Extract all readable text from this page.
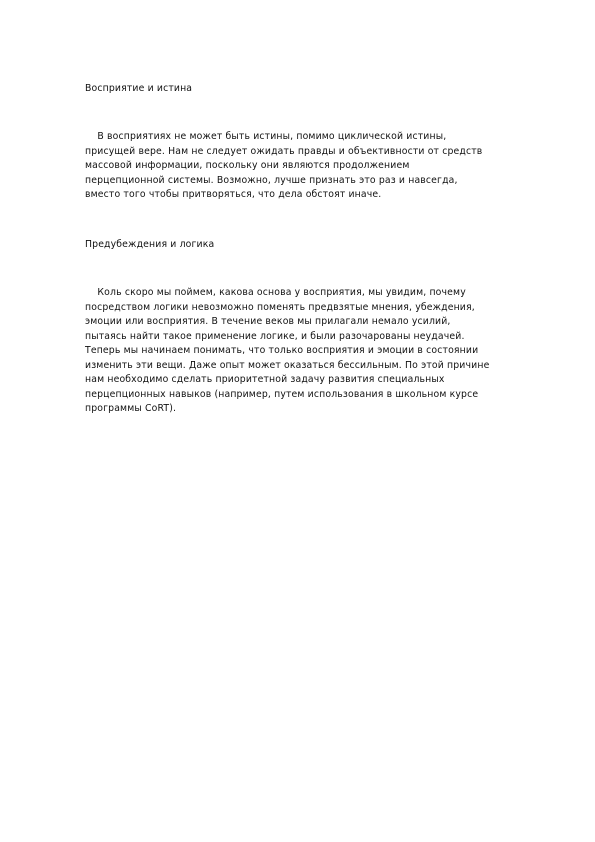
Восприятие и истина
В восприятиях не может быть истины, помимо циклической истины,
присущей вере. Нам не следует ожидать правды и объективности от средств
массовой информации, поскольку они являются продолжением
перцепционной системы. Возможно, лучше признать это раз и навсегда,
вместо того чтобы притворяться, что дела обстоят иначе.
Предубеждения и логика
Коль скоро мы поймем, какова основа у восприятия, мы увидим, почему
посредством логики невозможно поменять предвзятые мнения, убеждения,
эмоции или восприятия. В течение веков мы прилагали немало усилий,
пытаясь найти такое применение логике, и были разочарованы неудачей.
Теперь мы начинаем понимать, что только восприятия и эмоции в состоянии
изменить эти вещи. Даже опыт может оказаться бессильным. По этой причине
нам необходимо сделать приоритетной задачу развития специальных
перцепционных навыков (например, путем использования в школьном курсе
программы CoRT).
